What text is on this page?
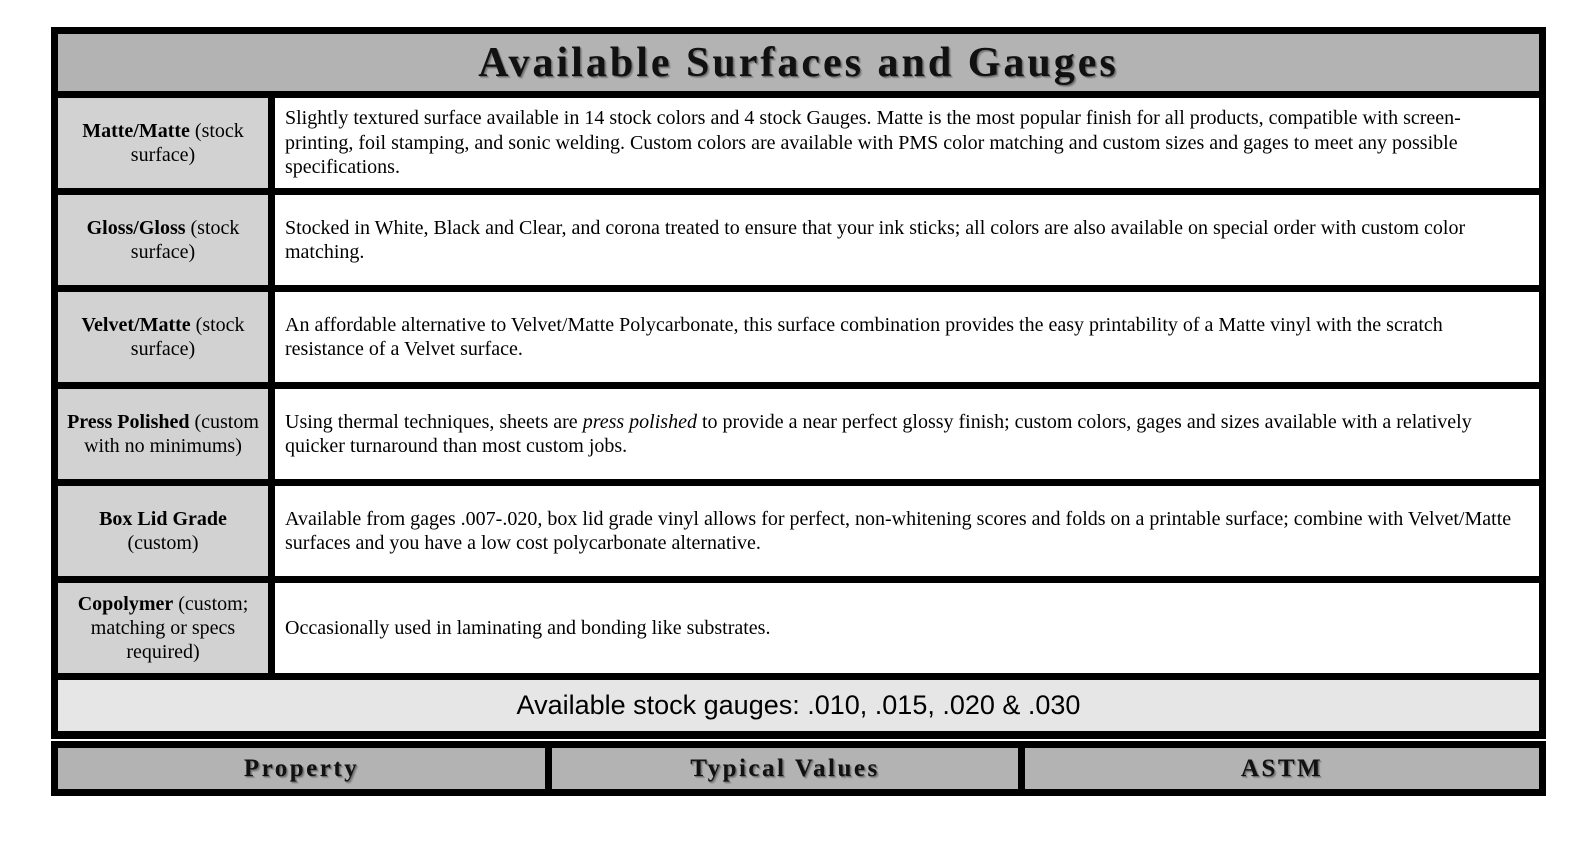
Available Surfaces and Gauges
Matte/Matte (stock surface)
Slightly textured surface available in 14 stock colors and 4 stock Gauges. Matte is the most popular finish for all products, compatible with screen-printing, foil stamping, and sonic welding. Custom colors are available with PMS color matching and custom sizes and gages to meet any possible specifications.
Gloss/Gloss (stock surface)
Stocked in White, Black and Clear, and corona treated to ensure that your ink sticks; all colors are also available on special order with custom color matching.
Velvet/Matte (stock surface)
An affordable alternative to Velvet/Matte Polycarbonate, this surface combination provides the easy printability of a Matte vinyl with the scratch resistance of a Velvet surface.
Press Polished (custom with no minimums)
Using thermal techniques, sheets are press polished to provide a near perfect glossy finish; custom colors, gages and sizes available with a relatively quicker turnaround than most custom jobs.
Box Lid Grade (custom)
Available from gages .007-.020, box lid grade vinyl allows for perfect, non-whitening scores and folds on a printable surface; combine with Velvet/Matte surfaces and you have a low cost polycarbonate alternative.
Copolymer (custom; matching or specs required)
Occasionally used in laminating and bonding like substrates.
Available stock gauges: .010, .015, .020 & .030
Property	Typical Values	ASTM
